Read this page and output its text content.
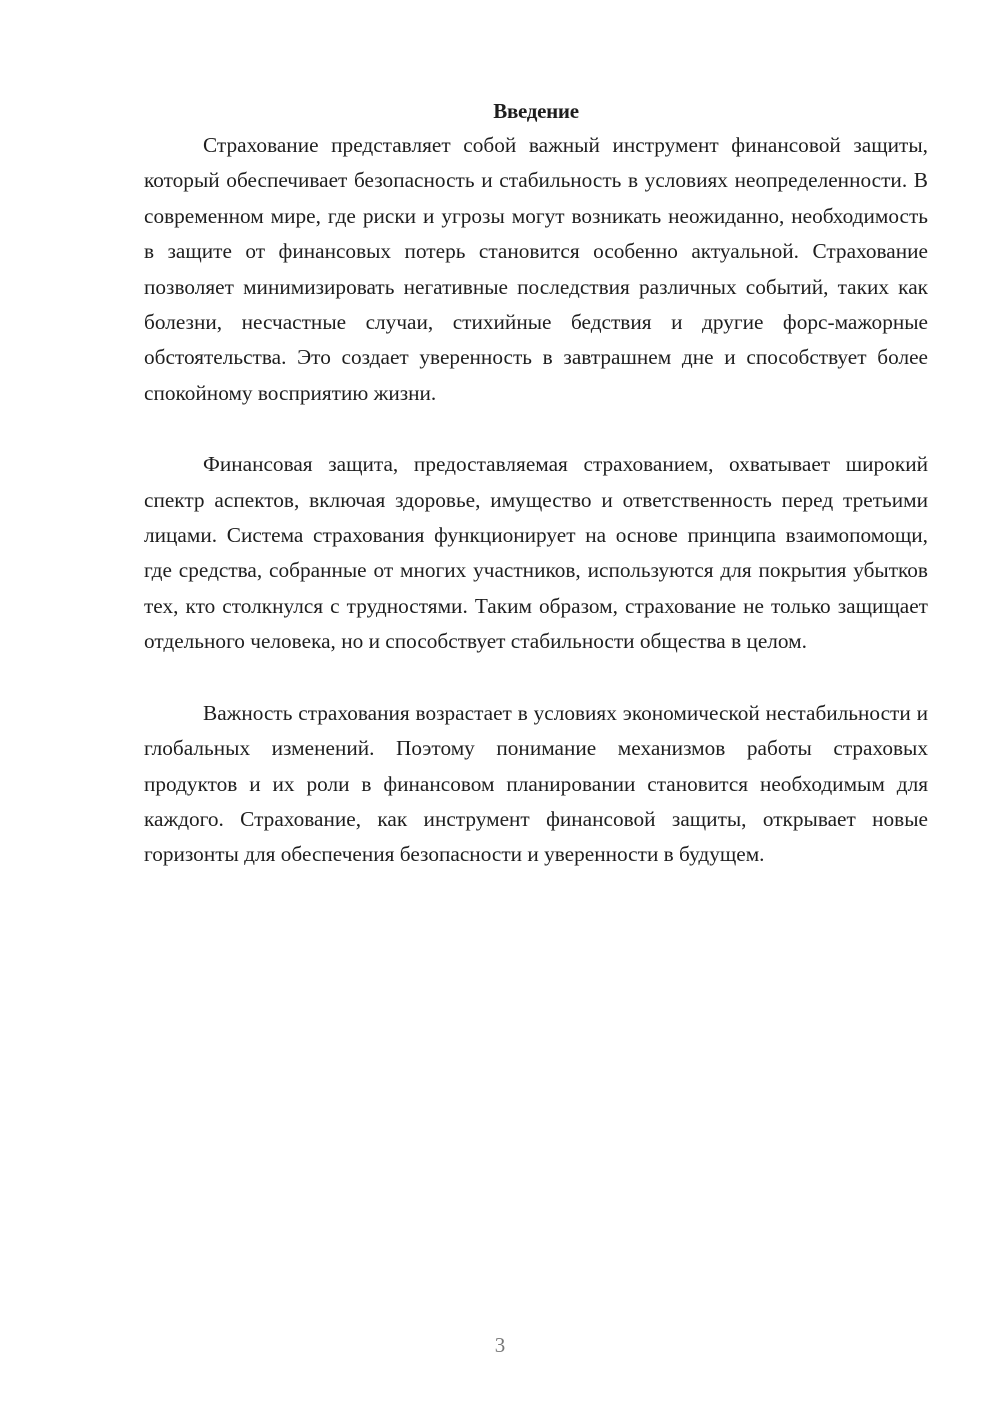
Введение

Страхование представляет собой важный инструмент финансовой защиты, который обеспечивает безопасность и стабильность в условиях неопределенности. В современном мире, где риски и угрозы могут возникать неожиданно, необходимость в защите от финансовых потерь становится особенно актуальной. Страхование позволяет минимизировать негативные последствия различных событий, таких как болезни, несчастные случаи, стихийные бедствия и другие форс-мажорные обстоятельства. Это создает уверенность в завтрашнем дне и способствует более спокойному восприятию жизни.

Финансовая защита, предоставляемая страхованием, охватывает широкий спектр аспектов, включая здоровье, имущество и ответственность перед третьими лицами. Система страхования функционирует на основе принципа взаимопомощи, где средства, собранные от многих участников, используются для покрытия убытков тех, кто столкнулся с трудностями. Таким образом, страхование не только защищает отдельного человека, но и способствует стабильности общества в целом.

Важность страхования возрастает в условиях экономической нестабильности и глобальных изменений. Поэтому понимание механизмов работы страховых продуктов и их роли в финансовом планировании становится необходимым для каждого. Страхование, как инструмент финансовой защиты, открывает новые горизонты для обеспечения безопасности и уверенности в будущем.

3
